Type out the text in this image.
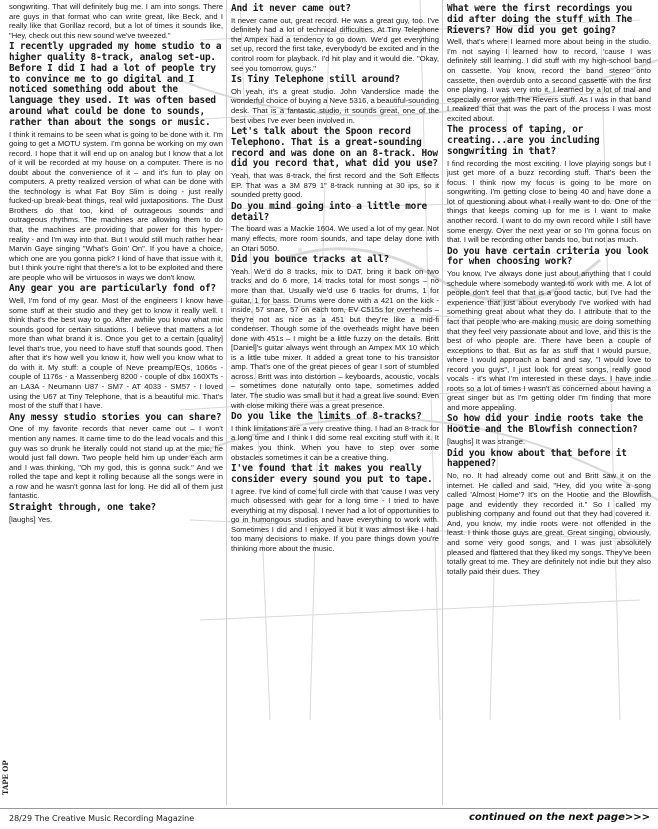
songwriting. That will definitely bug me. I am into songs. There are guys in that format who can write great, like Beck, and I really like that Gorillaz record, but a lot of times it sounds like, "Hey, check out this new sound we've tweezed."

I recently upgraded my home studio to a higher quality 8-track, analog set-up. Before I did I had a lot of people try to convince me to go digital and I noticed something odd about the language they used. It was often based around what could be done to sounds, rather than about the songs or music.

I think it remains to be seen what is going to be done with it. I'm going to get a MOTU system. I'm gonna be working on my own record. I hope that it will end up on analog but I know that a lot of it will be recorded at my house on a computer. There is no doubt about the convenience of it – and it's fun to play on computers. A pretty realized version of what can be done with the technology is what Fat Boy Slim is doing - just really fucked-up break-beat things, real wild juxtapositions. The Dust Brothers do that too, kind of outrageous sounds and outrageous rhythms. The machines are allowing them to do that, the machines are providing that power for this hyper-reality - and I'm way into that. But I would still much rather hear Marvin Gaye singing "What's Goin' On". If you have a choice, which one are you gonna pick? I kind of have that issue with it, but I think you're right that there's a lot to be exploited and there are people who will be virtuosos in ways we don't know.

Any gear you are particularly fond of?

Well, I'm fond of my gear. Most of the engineers I know have some stuff at their studio and they get to know it really well. I think that's the best way to go. After awhile you know what mic sounds good for certain situations. I believe that matters a lot more than what brand it is. Once you get to a certain [quality] level that's true, you need to have stuff that sounds good. Then after that it's how well you know it, how well you know what to do with it. My stuff: a couple of Neve preamp/EQs, 1066s - couple of 1176s - a Massenberg 8200 - couple of dbx 160XTs - an LA3A - Neumann U87 - SM7 - AT 4033 - SM57 - I loved using the U67 at Tiny Telephone, that is a beautiful mic. That's most of the stuff that I have.

Any messy studio stories you can share?

One of my favorite records that never came out – I won't mention any names. It came time to do the lead vocals and this guy was so drunk he literally could not stand up at the mic, he would just fall down. Two people held him up under each arm and I was thinking, "Oh my god, this is gonna suck." And we rolled the tape and kept it rolling because all the songs were in a row and he wasn't gonna last for long. He did all of them just fantastic.

Straight through, one take?

[laughs] Yes.

And it never came out?

It never came out, great record. He was a great guy, too. I've definitely had a lot of technical difficulties. At Tiny Telephone the Ampex had a tendency to go down. We'd get everything set up, record the first take, everybody'd be excited and in the control room for playback. I'd hit play and it would die. "Okay, see you tomorrow, guys."

Is Tiny Telephone still around?

Oh yeah, it's a great studio. John Vanderslice made the wonderful choice of buying a Neve 5316, a beautiful-sounding desk. That is a fantastic studio, it sounds great, one of the best vibes I've ever been involved in.

Let's talk about the Spoon record Telephono. That is a great-sounding record and was done on an 8-track. How did you record that, what did you use?

Yeah, that was 8-track, the first record and the Soft Effects EP. That was a 3M 879 1" 8-track running at 30 ips, so it sounded pretty good.

Do you mind going into a little more detail?

The board was a Mackie 1604. We used a lot of my gear. Not many effects, more room sounds, and tape delay done with an Otari 5050.

Did you bounce tracks at all?

Yeah. We'd do 8 tracks, mix to DAT, bring it back on two tracks and do 6 more, 14 tracks total for most songs – no more than that. Usually we'd use 6 tracks for drums, 1 for guitar, 1 for bass. Drums were done with a 421 on the kick - inside, 57 snare, 57 on each tom, EV C515s for overheads – they're not as nice as a 451 but they're like a mid-fi condenser. Though some of the overheads might have been done with 451s – I might be a little fuzzy on the details. Britt [Daniel]'s guitar always went through an Ampex MX 10 which is a little tube mixer. It added a great tone to his transistor amp. That's one of the great pieces of gear I sort of stumbled across. Britt was into distortion – keyboards, acoustic, vocals – sometimes done naturally onto tape, sometimes added later. The studio was small but it had a great live sound. Even with close miking there was a great presence.

Do you like the limits of 8-tracks?

I think limitations are a very creative thing. I had an 8-track for a long time and I think I did some real exciting stuff with it. It makes you think. When you have to step over some obstacles sometimes it can be a creative thing.

I've found that it makes you really consider every sound you put to tape.

I agree. I've kind of come full circle with that 'cause I was very much obsessed with gear for a long time - I tried to have everything at my disposal. I never had a lot of opportunities to go in humongous studios and have everything to work with. Sometimes I did and I enjoyed it but it was almost like I had too many decisions to make. If you pare things down you're thinking more about the music.

What were the first recordings you did after doing the stuff with The Rievers? How did you get going?

Well, that's where I learned more about being in the studio. I'm not saying I learned how to record, 'cause I was definitely still learning. I did stuff with my high-school band on cassette. You know, record the band stereo onto cassette, then overdub onto a second cassette with the first one playing. I was very into it. I learned by a lot of trial and especially error with The Rievers stuff. As I was in that band I realized that that was the part of the process I was most excited about.

The process of taping, or creating...are you including songwriting in that?

I find recording the most exciting. I love playing songs but I just get more of a buzz recording stuff. That's been the focus. I think now my focus is going to be more on songwriting. I'm getting close to being 40 and have done a lot of questioning about what I really want to do. One of the things that keeps coming up for me is I want to make another record. I want to do my own record while I still have some energy. Over the next year or so I'm gonna focus on that. I will be recording other bands too, but not as much.

Do you have certain criteria you look for when choosing work?

You know, I've always done just about anything that I could schedule where somebody wanted to work with me. A lot of people don't feel that that is a good tactic, but I've had the experience that just about everybody I've worked with had something great about what they do. I attribute that to the fact that people who are making music are doing something that they feel very passionate about and love, and this is the best of who people are. There have been a couple of exceptions to that. But as far as stuff that I would pursue, where I would approach a band and say, "I would love to record you guys", I just look for great songs, really good vocals - it's what I'm interested in these days. I have indie roots so a lot of times I wasn't as concerned about having a great singer but as I'm getting older I'm finding that more and more appealing.

So how did your indie roots take the Hootie and the Blowfish connection?

[laughs] It was strange.

Did you know about that before it happened?

No, no. It had already come out and Britt saw it on the internet. He called and said, "Hey, did you write a song called 'Almost Home'? It's on the Hootie and the Blowfish page and evidently they recorded it." So I called my publishing company and found out that they had covered it. And, you know, my indie roots were not offended in the least. I think those guys are great. Great singing, obviously, and some very good songs, and I was just absolutely pleased and flattered that they liked my songs. They've been totally great to me. They are definitely not indie but they also totally paid their dues. They

TAPE OP
28/29 The Creative Music Recording Magazine	continued on the next page>>>
